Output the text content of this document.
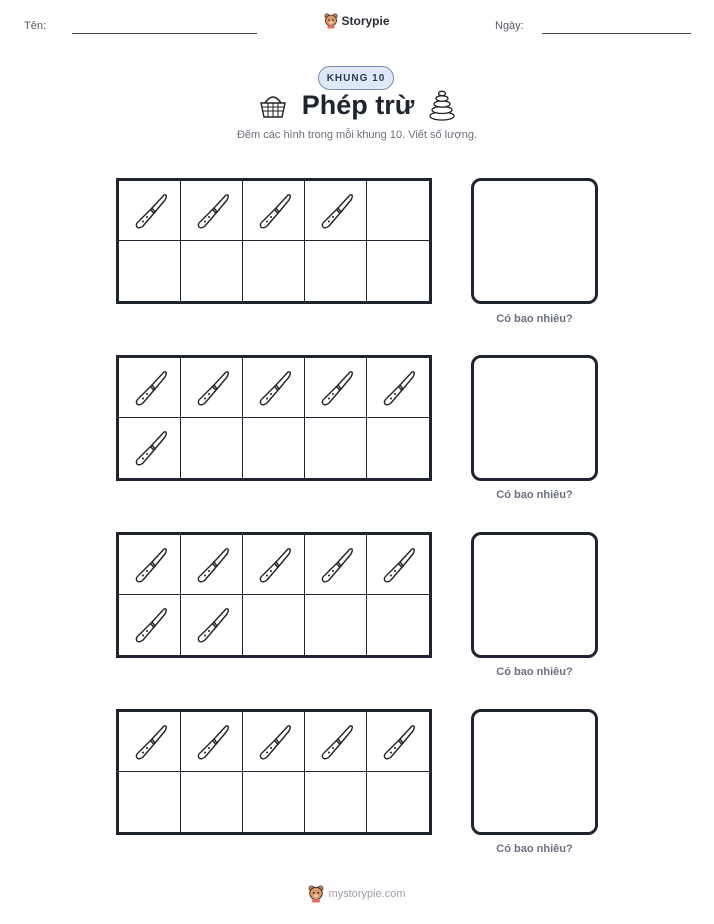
Tên:	Storypie	Ngày:
KHUNG 10
Phép trừ
Đếm các hình trong mỗi khung 10. Viết số lượng.
Có bao nhiêu?
Có bao nhiêu?
Có bao nhiêu?
Có bao nhiêu?
mystorypie.com
